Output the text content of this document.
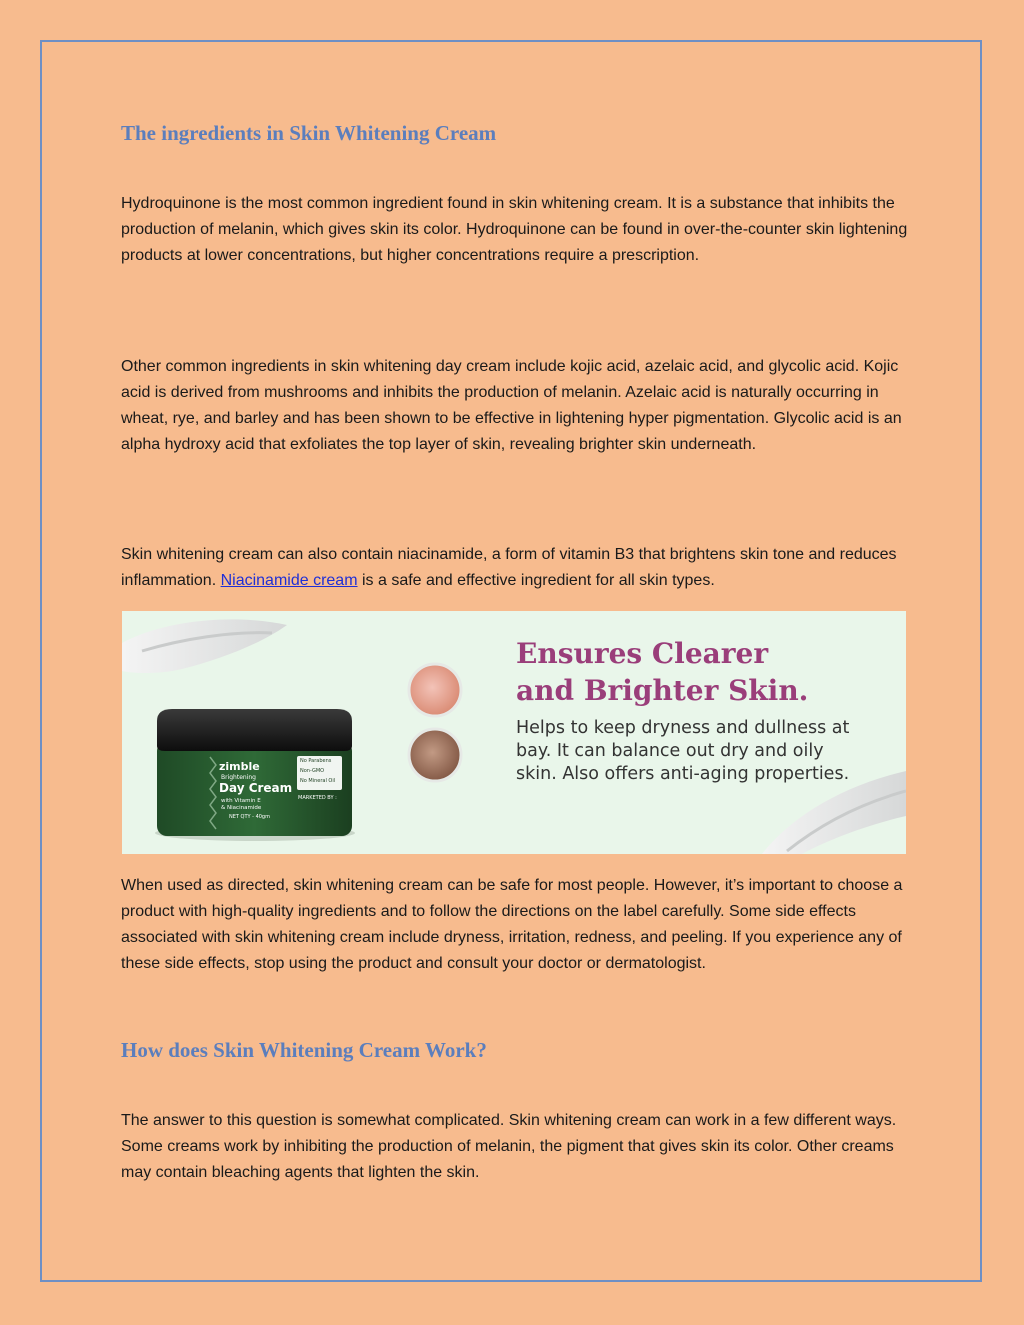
The ingredients in Skin Whitening Cream

Hydroquinone is the most common ingredient found in skin whitening cream. It is a substance that inhibits the production of melanin, which gives skin its color. Hydroquinone can be found in over-the-counter skin lightening products at lower concentrations, but higher concentrations require a prescription.

Other common ingredients in skin whitening day cream include kojic acid, azelaic acid, and glycolic acid. Kojic acid is derived from mushrooms and inhibits the production of melanin. Azelaic acid is naturally occurring in wheat, rye, and barley and has been shown to be effective in lightening hyper pigmentation. Glycolic acid is an alpha hydroxy acid that exfoliates the top layer of skin, revealing brighter skin underneath.

Skin whitening cream can also contain niacinamide, a form of vitamin B3 that brightens skin tone and reduces inflammation. Niacinamide cream is a safe and effective ingredient for all skin types.

zimble
Brightening
Day Cream
with Vitamin E
& Niacinamide
NET QTY - 40gm
No Parabens
Non-GMO
No Mineral Oil
MARKETED BY :
Ensures Clearer
and Brighter Skin.

Helps to keep dryness and dullness at bay. It can balance out dry and oily skin. Also offers anti-aging properties.

When used as directed, skin whitening cream can be safe for most people. However, it’s important to choose a product with high-quality ingredients and to follow the directions on the label carefully. Some side effects associated with skin whitening cream include dryness, irritation, redness, and peeling. If you experience any of these side effects, stop using the product and consult your doctor or dermatologist.

How does Skin Whitening Cream Work?

The answer to this question is somewhat complicated. Skin whitening cream can work in a few different ways. Some creams work by inhibiting the production of melanin, the pigment that gives skin its color. Other creams may contain bleaching agents that lighten the skin.
